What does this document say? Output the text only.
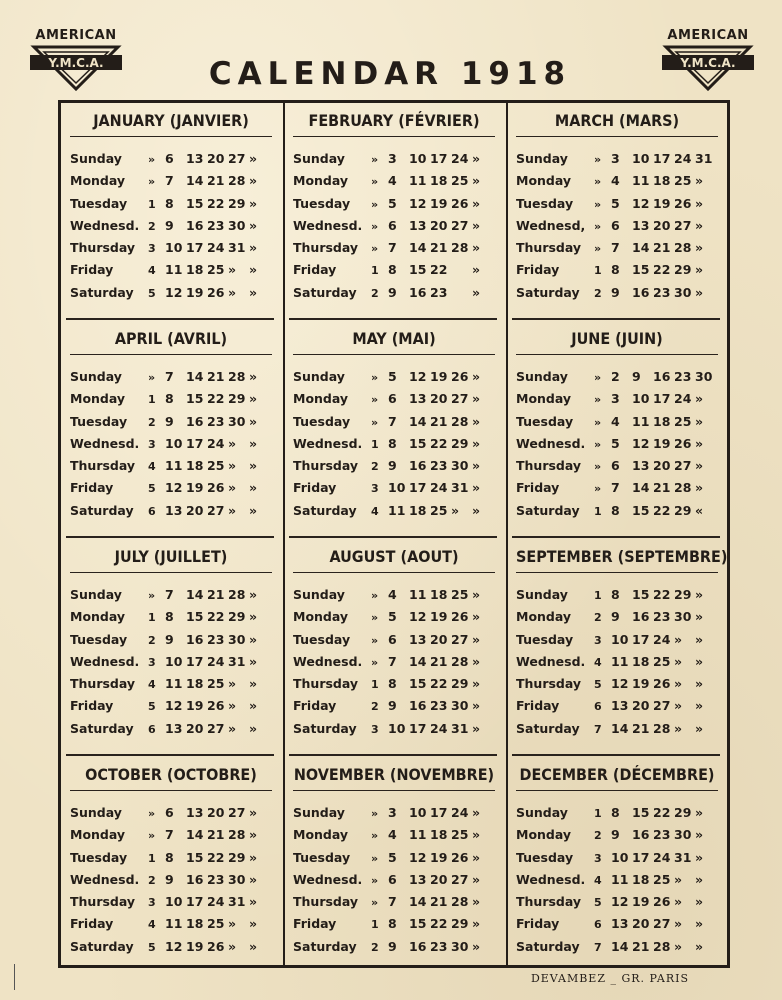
AMERICAN
Y.M.C.A.
AMERICAN
Y.M.C.A.
CALENDAR 1918
JANUARY (JANVIER)
Sunday	» 6 13 20 27 »
Monday	» 7 14 21 28 »
Tuesday	1 8 15 22 29 »
Wednesd. 2 9 16 23 30 »
Thursday	3 10 17 24 31 »
Friday	4 11 18 25 »	»
Saturday	5 12 19 26 »	»
FEBRUARY (FÉVRIER)
Sunday	» 3 10 17 24 »
Monday	» 4 11 18 25 »
Tuesday	» 5 12 19 26 »
Wednesd. » 6 13 20 27 »
Thursday	» 7 14 21 28 »
Friday	1 8 15 22 »
Saturday	2 9 16 23 »
MARCH (MARS)
Sunday	» 3 10 17 24 31
Monday	» 4 11 18 25 »
Tuesday	» 5 12 19 26 »
Wednesd, » 6 13 20 27 »
Thursday	» 7 14 21 28 »
Friday	1 8 15 22 29 »
Saturday	2 9 16 23 30 »
APRIL (AVRIL)
Sunday	» 7 14 21 28 »
Monday	1 8 15 22 29 »
Tuesday	2 9 16 23 30 »
Wednesd. 3 10 17 24 »	»
Thursday	4 11 18 25 »	»
Friday	5 12 19 26 »	»
Saturday	6 13 20 27 »	»
MAY (MAI)
Sunday	» 5 12 19 26 »
Monday	» 6 13 20 27 »
Tuesday	» 7 14 21 28 »
Wednesd. 1 8 15 22 29 »
Thursday	2 9 16 23 30 »
Friday	3 10 17 24 31 »
Saturday	4 11 18 25 »	»
JUNE (JUIN)
Sunday	» 2 9 16 23 30
Monday	» 3 10 17 24 »
Tuesday	» 4 11 18 25 »
Wednesd. » 5 12 19 26 »
Thursday	» 6 13 20 27 »
Friday	» 7 14 21 28 »
Saturday	1 8 15 22 29 «
JULY (JUILLET)
Sunday	» 7 14 21 28 »
Monday	1 8 15 22 29 »
Tuesday	2 9 16 23 30 »
Wednesd. 3 10 17 24 31 »
Thursday	4 11 18 25 »	»
Friday	5 12 19 26 »	»
Saturday	6 13 20 27 »	»
AUGUST (AOUT)
Sunday	» 4 11 18 25 »
Monday	» 5 12 19 26 »
Tuesday	» 6 13 20 27 »
Wednesd. » 7 14 21 28 »
Thursday	1 8 15 22 29 »
Friday	2 9 16 23 30 »
Saturday	3 10 17 24 31 »
SEPTEMBER (SEPTEMBRE)
Sunday	1 8 15 22 29 »
Monday	2 9 16 23 30 »
Tuesday	3 10 17 24 »	»
Wednesd. 4 11 18 25 »	»
Thursday	5 12 19 26 »	»
Friday	6 13 20 27 »	»
Saturday	7 14 21 28 »	»
OCTOBER (OCTOBRE)
Sunday	» 6 13 20 27 »
Monday	» 7 14 21 28 »
Tuesday	1 8 15 22 29 »
Wednesd. 2 9 16 23 30 »
Thursday	3 10 17 24 31 »
Friday	4 11 18 25 »	»
Saturday	5 12 19 26 »	»
NOVEMBER (NOVEMBRE)
Sunday	» 3 10 17 24 »
Monday	» 4 11 18 25 »
Tuesday	» 5 12 19 26 »
Wednesd. » 6 13 20 27 »
Thursday	» 7 14 21 28 »
Friday	1 8 15 22 29 »
Saturday	2 9 16 23 30 »
DECEMBER (DÉCEMBRE)
Sunday	1 8 15 22 29 »
Monday	2 9 16 23 30 »
Tuesday	3 10 17 24 31 »
Wednesd. 4 11 18 25 »	»
Thursday	5 12 19 26 »	»
Friday	6 13 20 27 »	»
Saturday	7 14 21 28 »	»
DEVAMBEZ _ GR. PARIS
